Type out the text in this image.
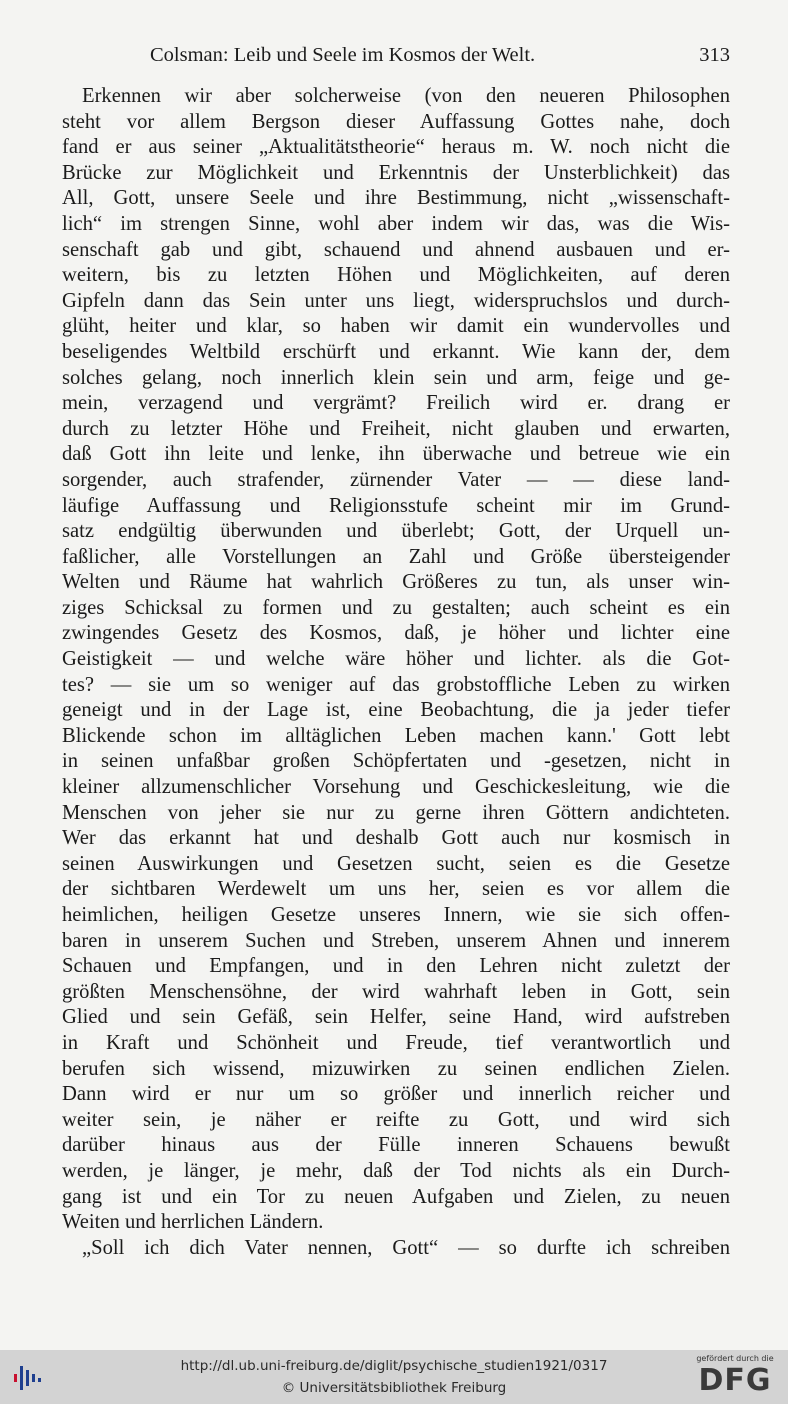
Colsman: Leib und Seele im Kosmos der Welt.	313
Erkennen wir aber solcherweise (von den neueren Philosophen
steht vor allem Bergson dieser Auffassung Gottes nahe, doch
fand er aus seiner „Aktualitätstheorie“ heraus m. W. noch nicht die
Brücke zur Möglichkeit und Erkenntnis der Unsterblichkeit) das
All, Gott, unsere Seele und ihre Bestimmung, nicht „wissenschaft-
lich“ im strengen Sinne, wohl aber indem wir das, was die Wis-
senschaft gab und gibt, schauend und ahnend ausbauen und er-
weitern, bis zu letzten Höhen und Möglichkeiten, auf deren
Gipfeln dann das Sein unter uns liegt, widerspruchslos und durch-
glüht, heiter und klar, so haben wir damit ein wundervolles und
beseligendes Weltbild erschürft und erkannt. Wie kann der, dem
solches gelang, noch innerlich klein sein und arm, feige und ge-
mein, verzagend und vergrämt? Freilich wird er. drang er
durch zu letzter Höhe und Freiheit, nicht glauben und erwarten,
daß Gott ihn leite und lenke, ihn überwache und betreue wie ein
sorgender, auch strafender, zürnender Vater — — diese land-
läufige Auffassung und Religionsstufe scheint mir im Grund-
satz endgültig überwunden und überlebt; Gott, der Urquell un-
faßlicher, alle Vorstellungen an Zahl und Größe übersteigender
Welten und Räume hat wahrlich Größeres zu tun, als unser win-
ziges Schicksal zu formen und zu gestalten; auch scheint es ein
zwingendes Gesetz des Kosmos, daß, je höher und lichter eine
Geistigkeit — und welche wäre höher und lichter. als die Got-
tes? — sie um so weniger auf das grobstoffliche Leben zu wirken
geneigt und in der Lage ist, eine Beobachtung, die ja jeder tiefer
Blickende schon im alltäglichen Leben machen kann.' Gott lebt
in seinen unfaßbar großen Schöpfertaten und -gesetzen, nicht in
kleiner allzumenschlicher Vorsehung und Geschickesleitung, wie die
Menschen von jeher sie nur zu gerne ihren Göttern andichteten.
Wer das erkannt hat und deshalb Gott auch nur kosmisch in
seinen Auswirkungen und Gesetzen sucht, seien es die Gesetze
der sichtbaren Werdewelt um uns her, seien es vor allem die
heimlichen, heiligen Gesetze unseres Innern, wie sie sich offen-
baren in unserem Suchen und Streben, unserem Ahnen und innerem
Schauen und Empfangen, und in den Lehren nicht zuletzt der
größten Menschensöhne, der wird wahrhaft leben in Gott, sein
Glied und sein Gefäß, sein Helfer, seine Hand, wird aufstreben
in Kraft und Schönheit und Freude, tief verantwortlich und
berufen sich wissend, mizuwirken zu seinen endlichen Zielen.
Dann wird er nur um so größer und innerlich reicher und
weiter sein, je näher er reifte zu Gott, und wird sich
darüber hinaus aus der Fülle inneren Schauens bewußt
werden, je länger, je mehr, daß der Tod nichts als ein Durch-
gang ist und ein Tor zu neuen Aufgaben und Zielen, zu neuen
Weiten und herrlichen Ländern.
„Soll ich dich Vater nennen, Gott“ — so durfte ich schreiben
http://dl.ub.uni-freiburg.de/diglit/psychische_studien1921/0317
© Universitätsbibliothek Freiburg
gefördert durch die
DFG
